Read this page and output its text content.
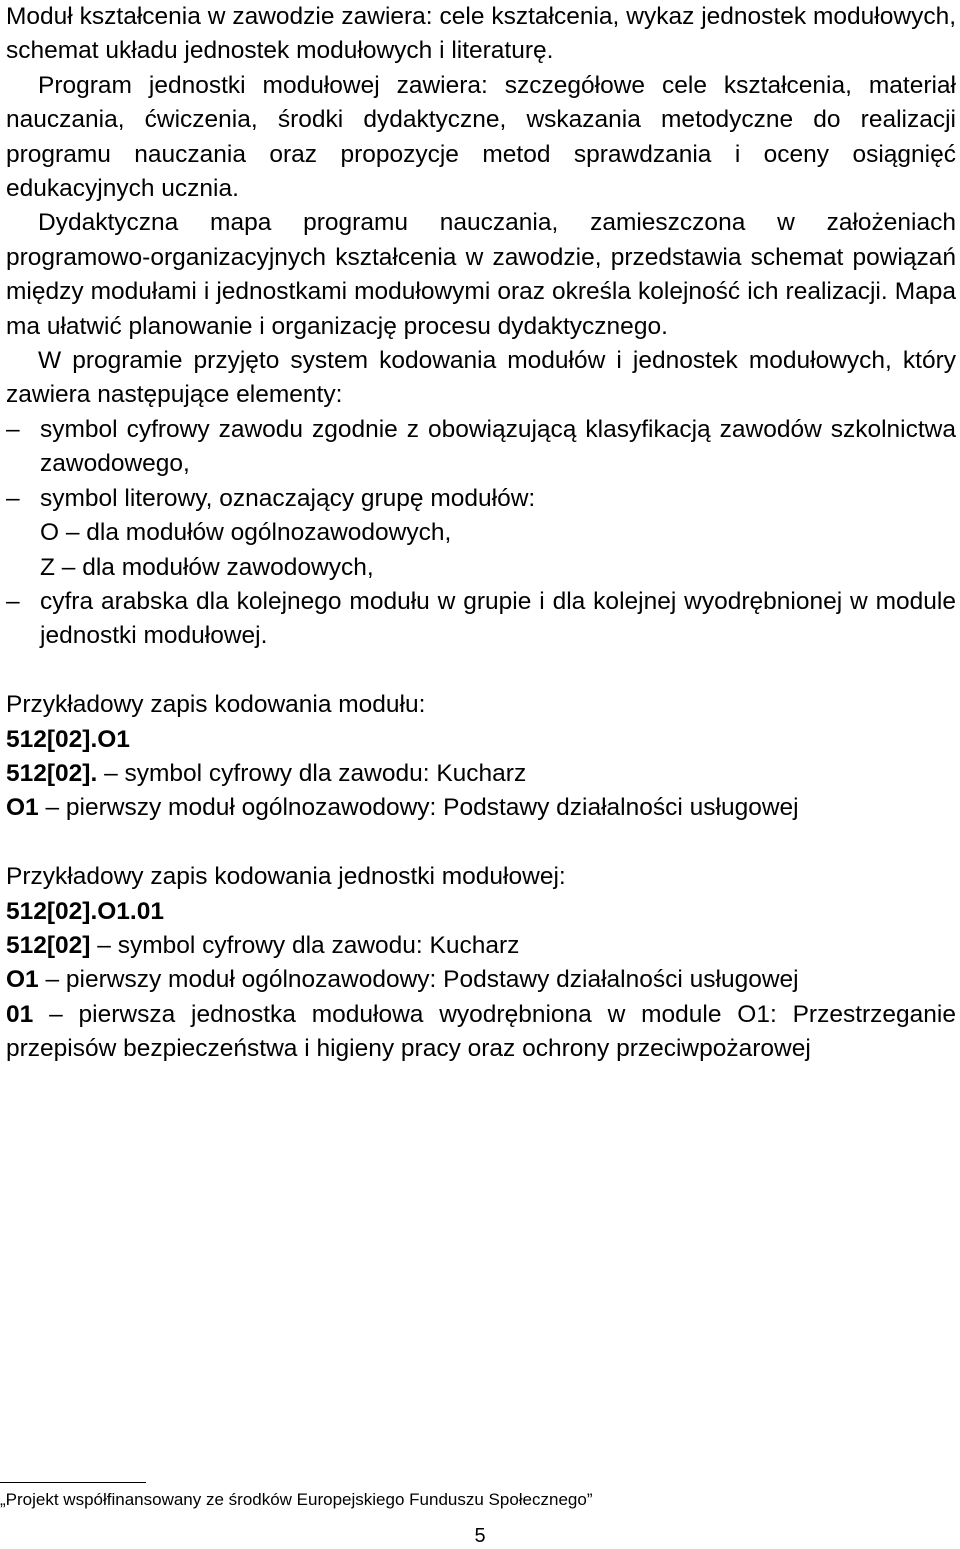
Moduł kształcenia w zawodzie zawiera: cele kształcenia, wykaz jednostek modułowych, schemat układu jednostek modułowych i literaturę.

Program jednostki modułowej zawiera: szczegółowe cele kształcenia, materiał nauczania, ćwiczenia, środki dydaktyczne, wskazania metodyczne do realizacji programu nauczania oraz propozycje metod sprawdzania i oceny osiągnięć edukacyjnych ucznia.

Dydaktyczna mapa programu nauczania, zamieszczona w założeniach programowo-organizacyjnych kształcenia w zawodzie, przedstawia schemat powiązań między modułami i jednostkami modułowymi oraz określa kolejność ich realizacji. Mapa ma ułatwić planowanie i organizację procesu dydaktycznego.

W programie przyjęto system kodowania modułów i jednostek modułowych, który zawiera następujące elementy:

– symbol cyfrowy zawodu zgodnie z obowiązującą klasyfikacją zawodów szkolnictwa zawodowego,
– symbol literowy, oznaczający grupę modułów:
O – dla modułów ogólnozawodowych,
Z – dla modułów zawodowych,
– cyfra arabska dla kolejnego modułu w grupie i dla kolejnej wyodrębnionej w module jednostki modułowej.

Przykładowy zapis kodowania modułu:

512[02].O1

512[02]. – symbol cyfrowy dla zawodu: Kucharz

O1 – pierwszy moduł ogólnozawodowy: Podstawy działalności usługowej

Przykładowy zapis kodowania jednostki modułowej:

512[02].O1.01

512[02] – symbol cyfrowy dla zawodu: Kucharz

O1 – pierwszy moduł ogólnozawodowy: Podstawy działalności usługowej

01 – pierwsza jednostka modułowa wyodrębniona w module O1: Przestrzeganie przepisów bezpieczeństwa i higieny pracy oraz ochrony przeciwpożarowej

„Projekt współfinansowany ze środków Europejskiego Funduszu Społecznego”
5
